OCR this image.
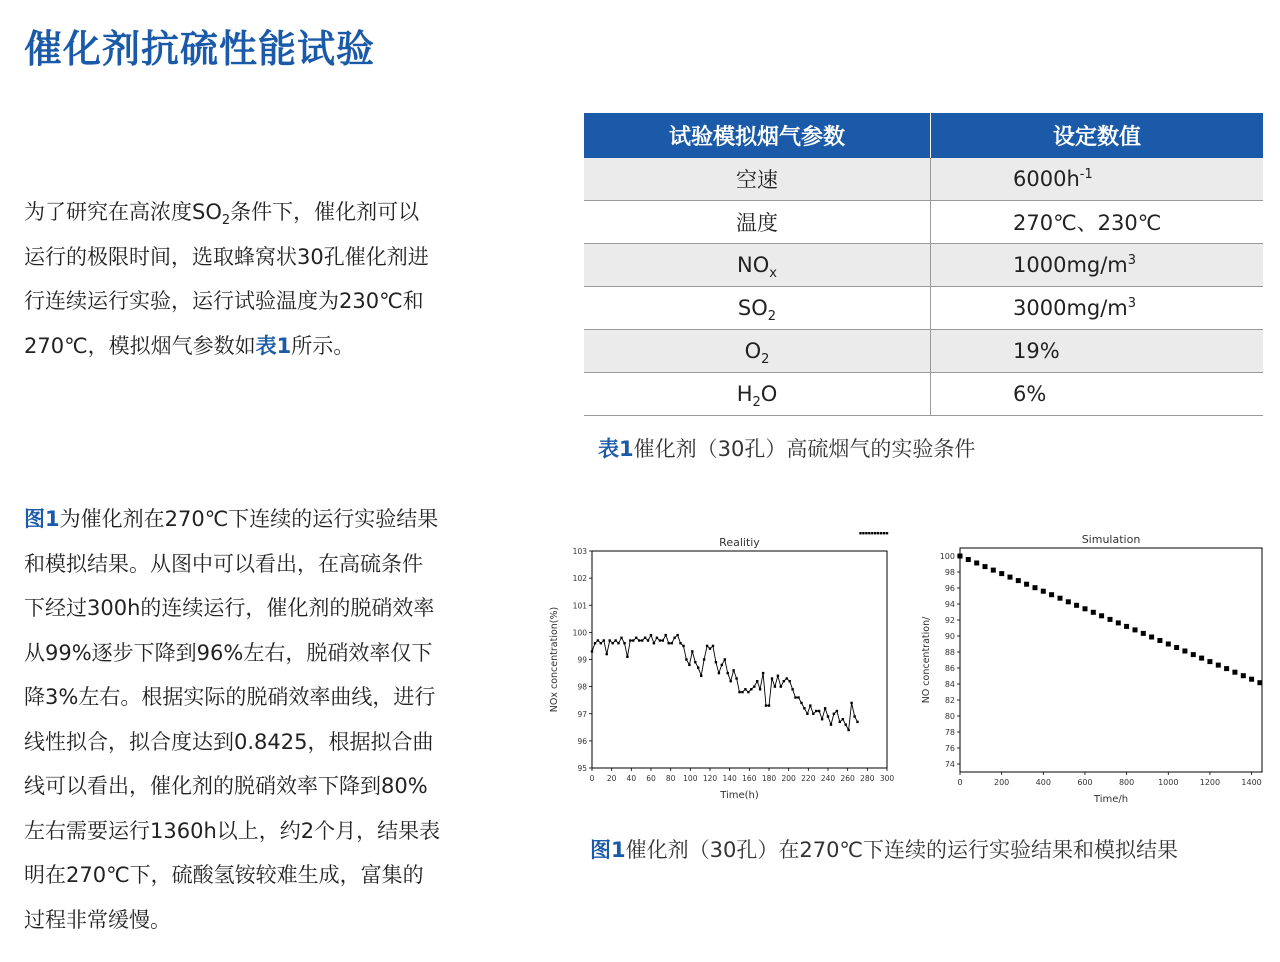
催化剂抗硫性能试验
为了研究在高浓度$SO_2$条件下，催化剂可以
运行的极限时间，选取蜂窝状30孔催化剂进
行连续运行实验，运行试验温度为230℃和
270℃，模拟烟气参数如表1所示。
图1为催化剂在270℃下连续的运行实验结果
和模拟结果。从图中可以看出，在高硫条件
下经过300h的连续运行，催化剂的脱硝效率
从99%逐步下降到96%左右，脱硝效率仅下
降3%左右。根据实际的脱硝效率曲线，进行
线性拟合，拟合度达到0.8425，根据拟合曲
线可以看出，催化剂的脱硝效率下降到80%
左右需要运行1360h以上，约2个月，结果表
明在270℃下，硫酸氢铵较难生成，富集的
过程非常缓慢。
试验模拟烟气参数	设定数值
空速	$6000h^{-1}$
温度	270℃、230℃
$NO_x$	$1000mg/m^3$
$SO_2$	$3000mg/m^3$
$O_2$	19%
$H_2O$	6%
表1催化剂（30孔）高硫烟气的实验条件
0 20 40 60 80 100 120 140 160 180 200 220 240 260 280 300
95
96
97
98
99
100
101
102
103
Realitiy
Time(h)
NOx concentration(%)
0	200	400	600	800	1000	1200	1400
74
76
78
80
82
84
86
88
90
92
94
96
98
100
Simulation
Time/h
NO concentration/
图1催化剂（30孔）在270℃下连续的运行实验结果和模拟结果
